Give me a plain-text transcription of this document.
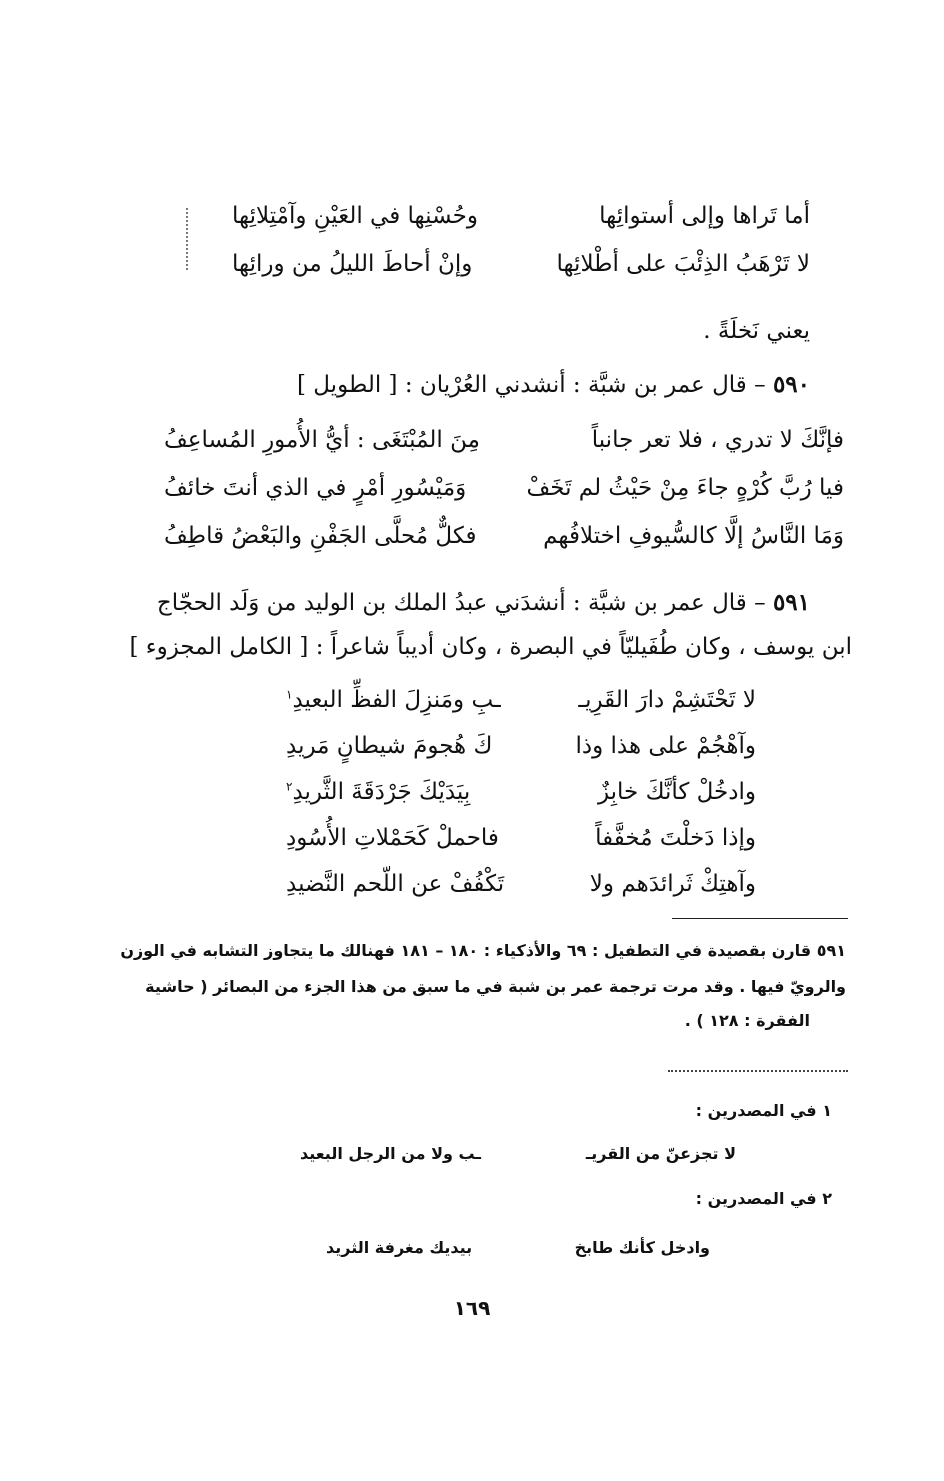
أما تَراها وإلى أستوائِها
وحُسْنِها في العَيْنِ وآمْتِلائِها
لا تَرْهَبُ الذِئْبَ على أطْلائِها
وإنْ أحاطَ الليلُ من ورائِها
يعني نَخلَةً .
٥٩٠ – قال عمر بن شبَّة : أنشدني العُرْيان : [ الطويل ]
فإنَّكَ لا تدري ، فلا تعر جانباً
مِنَ المُبْتَغَى : أيُّ الأُمورِ المُساعِفُ
فيا رُبَّ كُرْهٍ جاءَ مِنْ حَيْثُ لم تَخَفْ
وَمَيْسُورِ أمْرٍ في الذي أنتَ خائفُ
وَمَا النَّاسُ إلَّا كالسُّيوفِ اختلافُهم
فكلٌّ مُحلَّى الجَفْنِ والبَعْضُ قاطِفُ
٥٩١ – قال عمر بن شبَّة : أنشدَني عبدُ الملك بن الوليد من وَلَد الحجّاج
ابن يوسف ، وكان طُفَيليّاً في البصرة ، وكان أديباً شاعراً : [ الكامل المجزوء ]
لا تَحْتَشِمْ دارَ القَرِيـ
ـبِ ومَنزِلَ الفظِّ البعيدِ$^١$
وآهْجُمْ على هذا وذا
كَ هُجومَ شيطانٍ مَريدِ
وادخُلْ كأنَّكَ خابِزٌ
بِيَدَيْكَ جَرْدَقَةَ الثَّريدِ$^٢$
وإذا دَخلْتَ مُخفَّفاً
فاحملْ كَحَمْلاتِ الأُسُودِ
وآهتِكْ ثَرائدَهم ولا
تَكْفُفْ عن اللّحم النَّضيدِ
٥٩١ قارن بقصيدة في التطفيل : ٦٩ والأذكياء : ١٨٠ – ١٨١ فهنالك ما يتجاوز التشابه في الوزن
والرويّ فيها . وقد مرت ترجمة عمر بن شبة في ما سبق من هذا الجزء من البصائر ( حاشية
الفقرة : ١٢٨ ) .
١ في المصدرين :
لا تجزعنّ من القريـ
ـب ولا من الرجل البعيد
٢ في المصدرين :
وادخل كأنك طابخ
بيديك مغرفة الثريد
١٦٩
